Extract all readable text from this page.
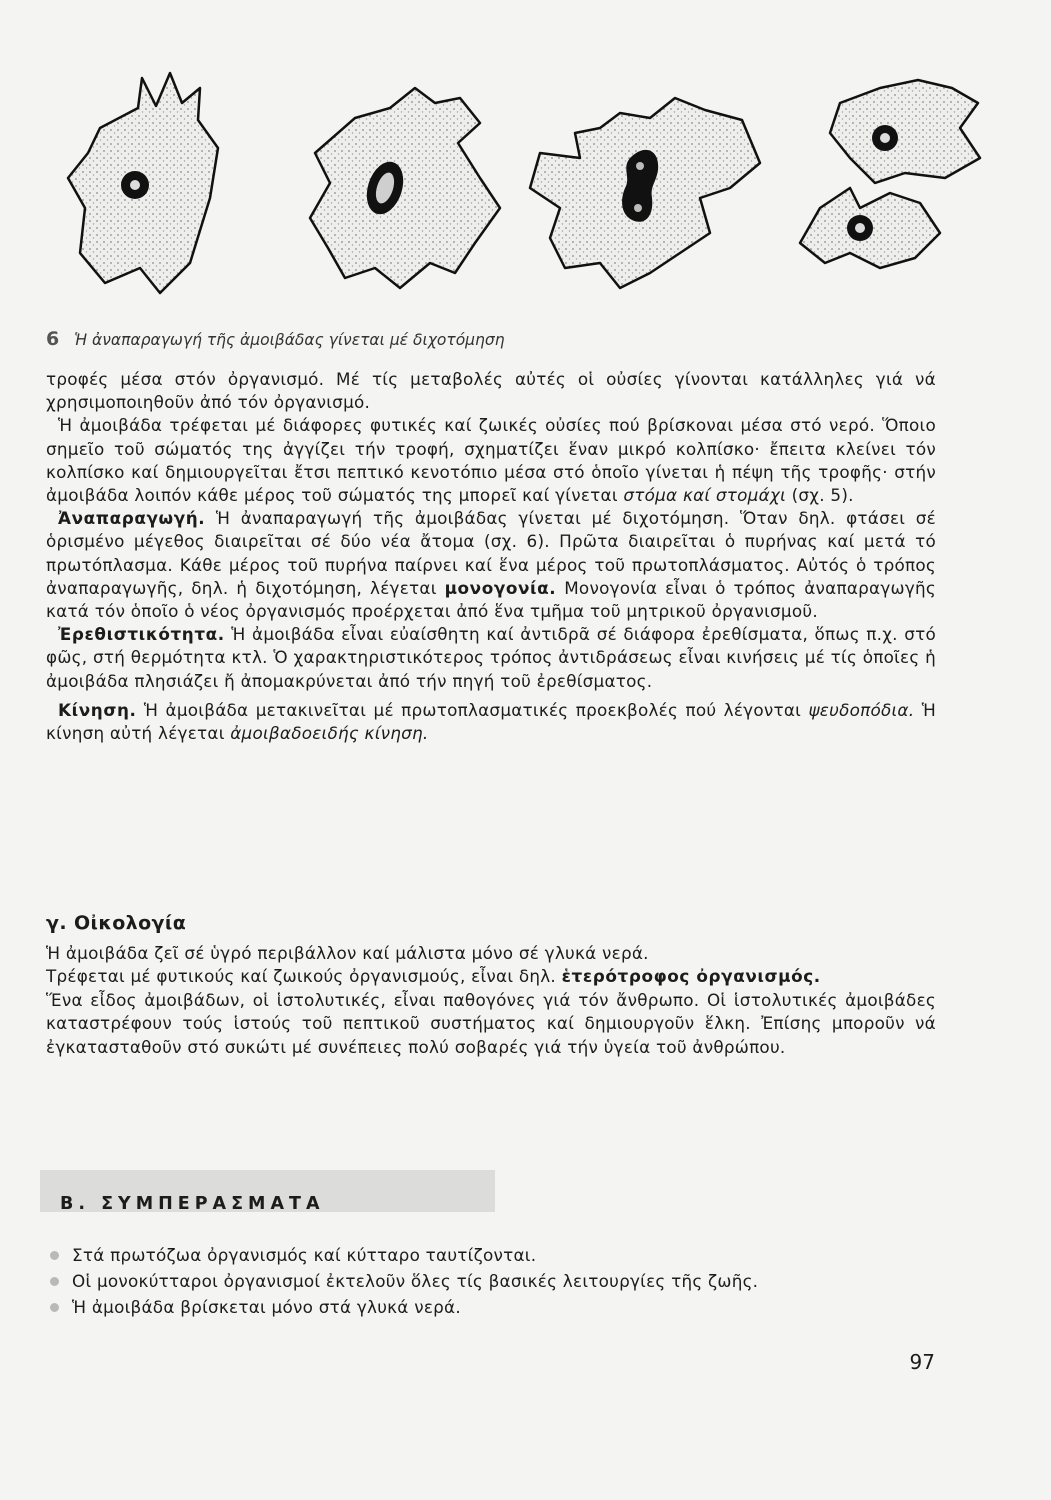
6 Ἡ ἀναπαραγωγή τῆς ἀμοιβάδας γίνεται μέ διχοτόμηση

τροφές μέσα στόν ὀργανισμό. Μέ τίς μεταβολές αὐτές οἱ οὐσίες γίνονται κατάλληλες γιά νά χρησιμοποιηθοῦν ἀπό τόν ὀργανισμό.

Ἡ ἀμοιβάδα τρέφεται μέ διάφορες φυτικές καί ζωικές οὐσίες πού βρίσκοναι μέσα στό νερό. Ὅποιο σημεῖο τοῦ σώματός της ἀγγίζει τήν τροφή, σχηματίζει ἕναν μικρό κολπίσκο· ἔπειτα κλείνει τόν κολπίσκο καί δημιουργεῖται ἔτσι πεπτικό κενοτόπιο μέσα στό ὁποῖο γίνεται ἡ πέψη τῆς τροφῆς· στήν ἀμοιβάδα λοιπόν κάθε μέρος τοῦ σώματός της μπορεῖ καί γίνεται στόμα καί στομάχι (σχ. 5).

Ἀναπαραγωγή. Ἡ ἀναπαραγωγή τῆς ἀμοιβάδας γίνεται μέ διχοτόμηση. Ὅταν δηλ. φτάσει σέ ὁρισμένο μέγεθος διαιρεῖται σέ δύο νέα ἄτομα (σχ. 6). Πρῶτα διαιρεῖται ὁ πυρήνας καί μετά τό πρωτόπλασμα. Κάθε μέρος τοῦ πυρήνα παίρνει καί ἕνα μέρος τοῦ πρωτοπλάσματος. Αὐτός ὁ τρόπος ἀναπαραγωγῆς, δηλ. ἡ διχοτόμηση, λέγεται μονογονία. Μονογονία εἶναι ὁ τρόπος ἀναπαραγωγῆς κατά τόν ὁποῖο ὁ νέος ὀργανισμός προέρχεται ἀπό ἕνα τμῆμα τοῦ μητρικοῦ ὀργανισμοῦ.

Ἐρεθιστικότητα. Ἡ ἀμοιβάδα εἶναι εὐαίσθητη καί ἀντιδρᾶ σέ διάφορα ἐρεθίσματα, ὅπως π.χ. στό φῶς, στή θερμότητα κτλ. Ὁ χαρακτηριστικότερος τρόπος ἀντιδράσεως εἶναι κινήσεις μέ τίς ὁποῖες ἡ ἀμοιβάδα πλησιάζει ἤ ἀπομακρύνεται ἀπό τήν πηγή τοῦ ἐρεθίσματος.

Κίνηση. Ἡ ἀμοιβάδα μετακινεῖται μέ πρωτοπλασματικές προεκβολές πού λέγονται ψευδοπόδια. Ἡ κίνηση αὐτή λέγεται ἀμοιβαδοειδής κίνηση.

γ. Οἰκολογία

Ἡ ἀμοιβάδα ζεῖ σέ ὑγρό περιβάλλον καί μάλιστα μόνο σέ γλυκά νερά.

Τρέφεται μέ φυτικούς καί ζωικούς ὀργανισμούς, εἶναι δηλ. ἑτερότροφος ὀργανισμός.

Ἕνα εἶδος ἀμοιβάδων, οἱ ἱστολυτικές, εἶναι παθογόνες γιά τόν ἄνθρωπο. Οἱ ἱστολυτικές ἀμοιβάδες καταστρέφουν τούς ἱστούς τοῦ πεπτικοῦ συστήματος καί δημιουργοῦν ἕλκη. Ἐπίσης μποροῦν νά ἐγκατασταθοῦν στό συκώτι μέ συνέπειες πολύ σοβαρές γιά τήν ὑγεία τοῦ ἀνθρώπου.

Β. ΣΥΜΠΕΡΑΣΜΑΤΑ
Στά πρωτόζωα ὀργανισμός καί κύτταρο ταυτίζονται.
Οἱ μονοκύτταροι ὀργανισμοί ἐκτελοῦν ὅλες τίς βασικές λειτουργίες τῆς ζωῆς.
Ἡ ἀμοιβάδα βρίσκεται μόνο στά γλυκά νερά.
97
